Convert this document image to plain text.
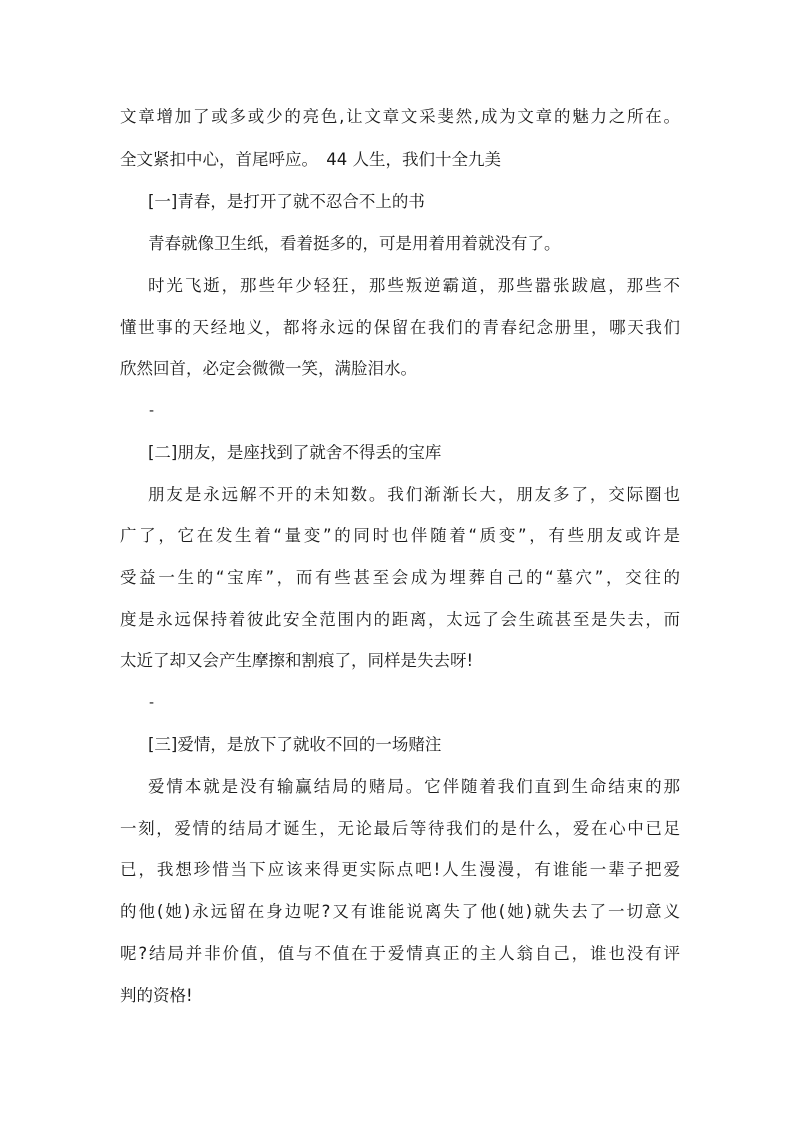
文章增加了或多或少的亮色,让文章文采斐然,成为文章的魅力之所在。
全文紧扣中心，首尾呼应。　44 人生，我们十全九美
[一]青春，是打开了就不忍合不上的书
青春就像卫生纸，看着挺多的，可是用着用着就没有了。
时光飞逝，那些年少轻狂，那些叛逆霸道，那些嚣张跋扈，那些不
懂世事的天经地义，都将永远的保留在我们的青春纪念册里，哪天我们
欣然回首，必定会微微一笑，满脸泪水。
-
[二]朋友，是座找到了就舍不得丢的宝库
朋友是永远解不开的未知数。我们渐渐长大，朋友多了，交际圈也
广了，它在发生着“量变”的同时也伴随着“质变”，有些朋友或许是
受益一生的“宝库”，而有些甚至会成为埋葬自己的“墓穴”，交往的
度是永远保持着彼此安全范围内的距离，太远了会生疏甚至是失去，而
太近了却又会产生摩擦和割痕了，同样是失去呀!
-
[三]爱情，是放下了就收不回的一场赌注
爱情本就是没有输赢结局的赌局。它伴随着我们直到生命结束的那
一刻，爱情的结局才诞生，无论最后等待我们的是什么，爱在心中已足
已，我想珍惜当下应该来得更实际点吧!人生漫漫，有谁能一辈子把爱
的他(她)永远留在身边呢?又有谁能说离失了他(她)就失去了一切意义
呢?结局并非价值，值与不值在于爱情真正的主人翁自己，谁也没有评
判的资格!
